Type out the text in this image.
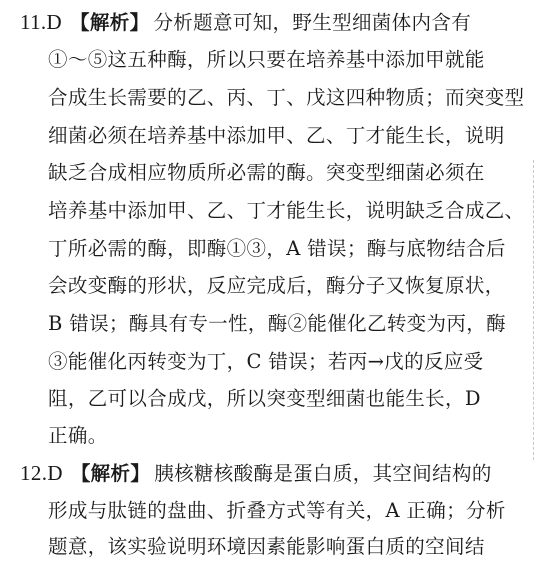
11.D 【解析】 分析题意可知，野生型细菌体内含有
①～⑤这五种酶，所以只要在培养基中添加甲就能
合成生长需要的乙、丙、丁、戊这四种物质；而突变型
细菌必须在培养基中添加甲、乙、丁才能生长，说明
缺乏合成相应物质所必需的酶。突变型细菌必须在
培养基中添加甲、乙、丁才能生长，说明缺乏合成乙、
丁所必需的酶，即酶①③，A 错误；酶与底物结合后
会改变酶的形状，反应完成后，酶分子又恢复原状，
B 错误；酶具有专一性，酶②能催化乙转变为丙，酶
③能催化丙转变为丁，C 错误；若丙→戊的反应受
阻，乙可以合成戊，所以突变型细菌也能生长，D
正确。
12.D 【解析】 胰核糖核酸酶是蛋白质，其空间结构的
形成与肽链的盘曲、折叠方式等有关，A 正确；分析
题意，该实验说明环境因素能影响蛋白质的空间结
